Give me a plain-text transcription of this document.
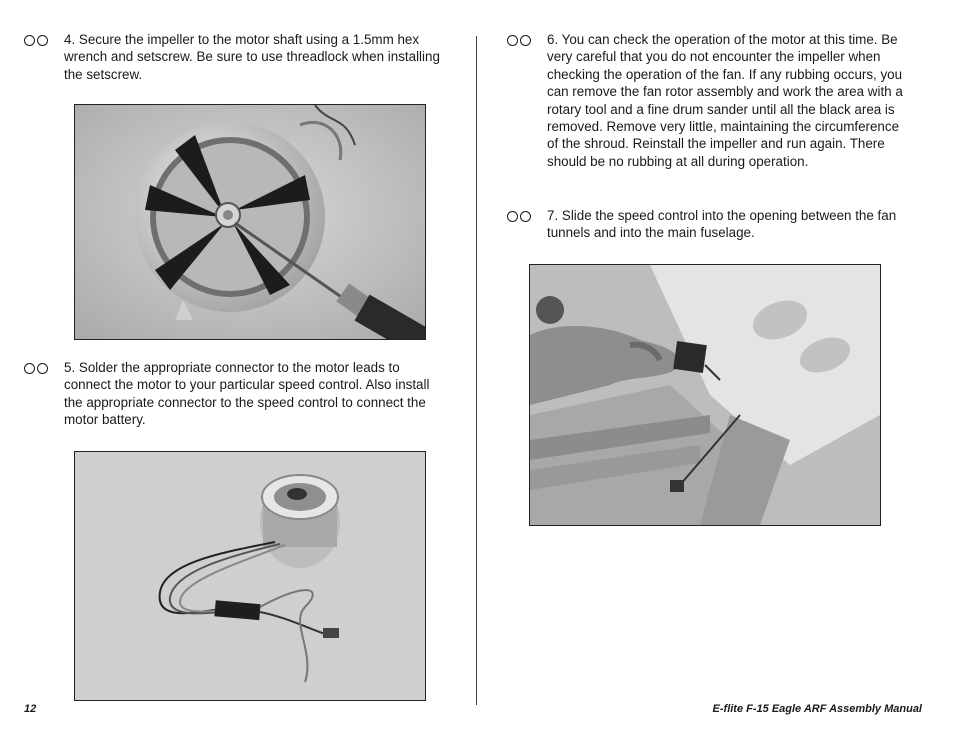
4. Secure the impeller to the motor shaft using a 1.5mm hex wrench and setscrew. Be sure to use threadlock when installing the setscrew.
5. Solder the appropriate connector to the motor leads to connect the motor to your particular speed control. Also install the appropriate connector to the speed control to connect the motor battery.
6. You can check the operation of the motor at this time. Be very careful that you do not encounter the impeller when checking the operation of the fan. If any rubbing occurs, you can remove the fan rotor assembly and work the area with a rotary tool and a fine drum sander until all the black area is removed. Remove very little, maintaining the circumference of the shroud. Reinstall the impeller and run again. There should be no rubbing at all during operation.
7. Slide the speed control into the opening between the fan tunnels and into the main fuselage.
12	E-flite F-15 Eagle ARF Assembly Manual
